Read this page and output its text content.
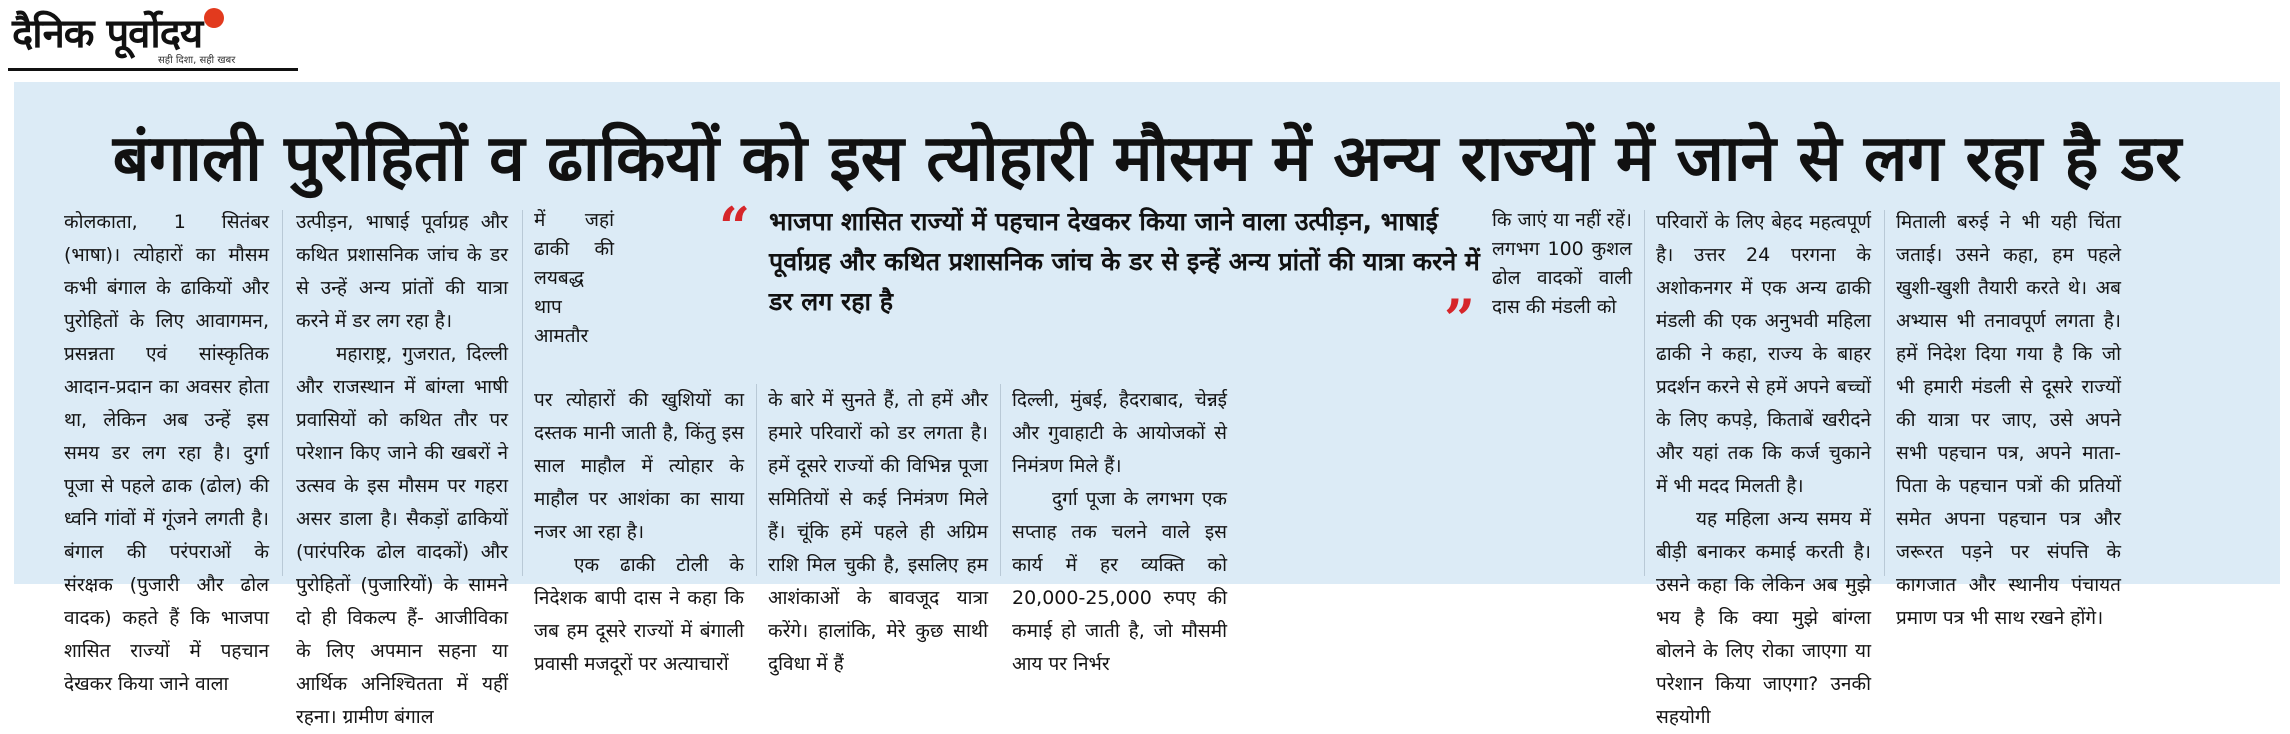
दैनिक पूर्वोदय
सही दिशा, सही खबर
बंगाली पुरोहितों व ढाकियों को इस त्योहारी मौसम में अन्य राज्यों में जाने से लग रहा है डर

कोलकाता, 1 सितंबर (भाषा)। त्योहारों का मौसम कभी बंगाल के ढाकियों और पुरोहितों के लिए आवागमन, प्रसन्नता एवं सांस्कृतिक आदान-प्रदान का अवसर होता था, लेकिन अब उन्हें इस समय डर लग रहा है। दुर्गा पूजा से पहले ढाक (ढोल) की ध्वनि गांवों में गूंजने लगती है। बंगाल की परंपराओं के संरक्षक (पुजारी और ढोल वादक) कहते हैं कि भाजपा शासित राज्यों में पहचान देखकर किया जाने वाला

उत्पीड़न, भाषाई पूर्वाग्रह और कथित प्रशासनिक जांच के डर से उन्हें अन्य प्रांतों की यात्रा करने में डर लग रहा है।

महाराष्ट्र, गुजरात, दिल्ली और राजस्थान में बांग्ला भाषी प्रवासियों को कथित तौर पर परेशान किए जाने की खबरों ने उत्सव के इस मौसम पर गहरा असर डाला है। सैकड़ों ढाकियों (पारंपरिक ढोल वादकों) और पुरोहितों (पुजारियों) के सामने दो ही विकल्प हैं- आजीविका के लिए अपमान सहना या आर्थिक अनिश्चितता में यहीं रहना। ग्रामीण बंगाल

में जहां ढाकी की लयबद्ध थाप आमतौर

“ भाजपा शासित राज्यों में पहचान देखकर किया जाने वाला उत्पीड़न, भाषाई पूर्वाग्रह और कथित प्रशासनिक जांच के डर से इन्हें अन्य प्रांतों की यात्रा करने में डर लग रहा है	”

कि जाएं या नहीं रहें। लगभग 100 कुशल ढोल वादकों वाली दास की मंडली को

पर त्योहारों की खुशियों का दस्तक मानी जाती है, किंतु इस साल माहौल में त्योहार के माहौल पर आशंका का साया नजर आ रहा है।

एक ढाकी टोली के निदेशक बापी दास ने कहा कि जब हम दूसरे राज्यों में बंगाली प्रवासी मजदूरों पर अत्याचारों

के बारे में सुनते हैं, तो हमें और हमारे परिवारों को डर लगता है। हमें दूसरे राज्यों की विभिन्न पूजा समितियों से कई निमंत्रण मिले हैं। चूंकि हमें पहले ही अग्रिम राशि मिल चुकी है, इसलिए हम आशंकाओं के बावजूद यात्रा करेंगे। हालांकि, मेरे कुछ साथी दुविधा में हैं

दिल्ली, मुंबई, हैदराबाद, चेन्नई और गुवाहाटी के आयोजकों से निमंत्रण मिले हैं।

दुर्गा पूजा के लगभग एक सप्ताह तक चलने वाले इस कार्य में हर व्यक्ति को 20,000-25,000 रुपए की कमाई हो जाती है, जो मौसमी आय पर निर्भर

परिवारों के लिए बेहद महत्वपूर्ण है। उत्तर 24 परगना के अशोकनगर में एक अन्य ढाकी मंडली की एक अनुभवी महिला ढाकी ने कहा, राज्य के बाहर प्रदर्शन करने से हमें अपने बच्चों के लिए कपड़े, किताबें खरीदने और यहां तक कि कर्ज चुकाने में भी मदद मिलती है।

यह महिला अन्य समय में बीड़ी बनाकर कमाई करती है। उसने कहा कि लेकिन अब मुझे भय है कि क्या मुझे बांग्ला बोलने के लिए रोका जाएगा या परेशान किया जाएगा? उनकी सहयोगी

मिताली बरुई ने भी यही चिंता जताई। उसने कहा, हम पहले खुशी-खुशी तैयारी करते थे। अब अभ्यास भी तनावपूर्ण लगता है। हमें निदेश दिया गया है कि जो भी हमारी मंडली से दूसरे राज्यों की यात्रा पर जाए, उसे अपने सभी पहचान पत्र, अपने माता-पिता के पहचान पत्रों की प्रतियों समेत अपना पहचान पत्र और जरूरत पड़ने पर संपत्ति के कागजात और स्थानीय पंचायत प्रमाण पत्र भी साथ रखने होंगे।
